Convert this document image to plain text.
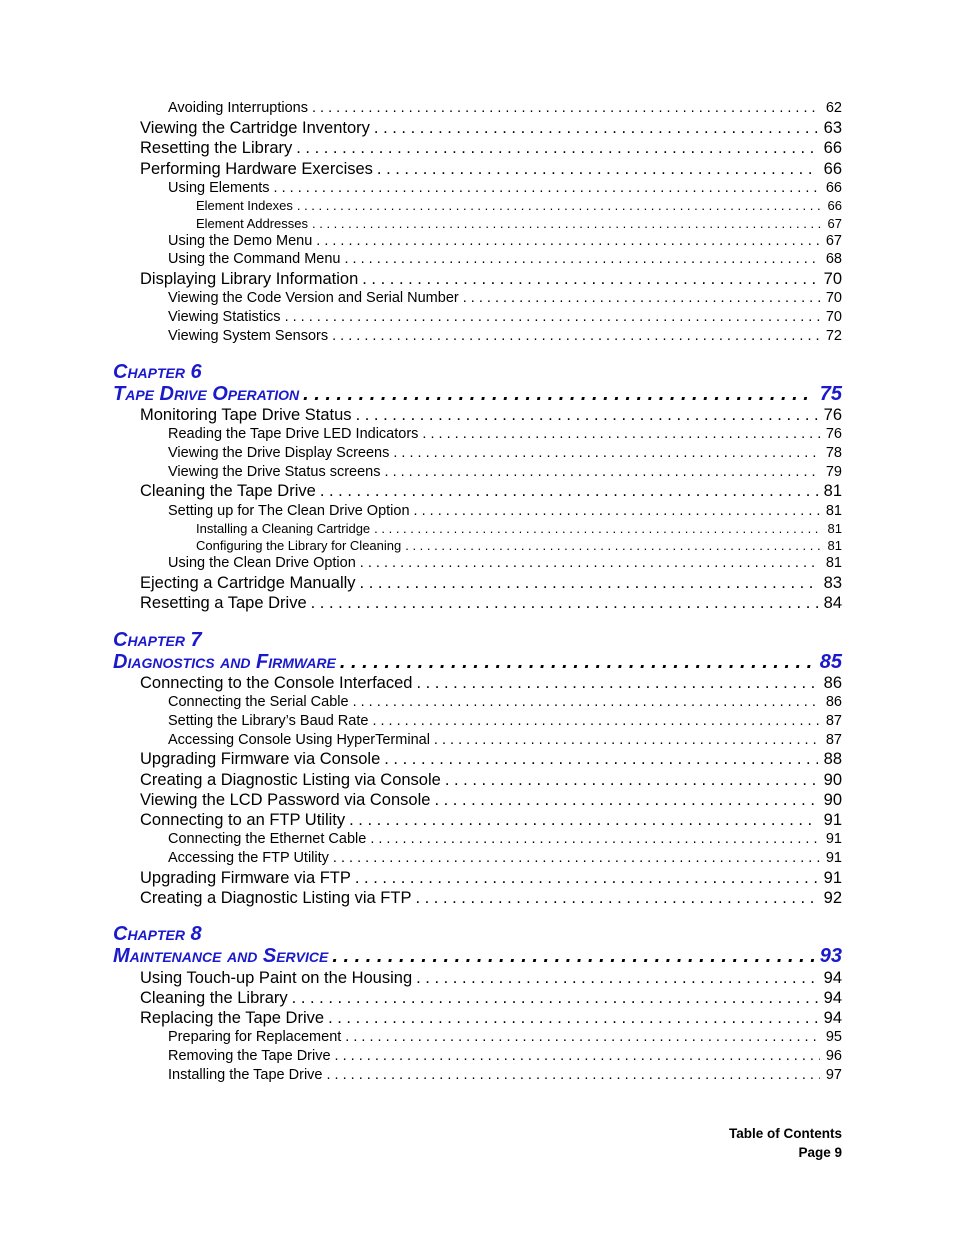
Avoiding Interruptions . . .	62
Viewing the Cartridge Inventory . . .	63
Resetting the Library . . .	66
Performing Hardware Exercises . . .	66
Using Elements . . .	66
Element Indexes . . .	66
Element Addresses . . .	67
Using the Demo Menu . . .	67
Using the Command Menu . . .	68
Displaying Library Information . . .	70
Viewing the Code Version and Serial Number . . .	70
Viewing Statistics . . .	70
Viewing System Sensors . . .	72
Chapter 6
Tape Drive Operation . . .	75
Monitoring Tape Drive Status . . .	76
Reading the Tape Drive LED Indicators . . .	76
Viewing the Drive Display Screens . . .	78
Viewing the Drive Status screens . . .	79
Cleaning the Tape Drive . . .	81
Setting up for The Clean Drive Option . . .	81
Installing a Cleaning Cartridge . . .	81
Configuring the Library for Cleaning . . .	81
Using the Clean Drive Option . . .	81
Ejecting a Cartridge Manually . . .	83
Resetting a Tape Drive . . .	84
Chapter 7
Diagnostics and Firmware . . .	85
Connecting to the Console Interfaced . . .	86
Connecting the Serial Cable . . .	86
Setting the Library’s Baud Rate . . .	87
Accessing Console Using HyperTerminal . . .	87
Upgrading Firmware via Console . . .	88
Creating a Diagnostic Listing via Console . . .	90
Viewing the LCD Password via Console . . .	90
Connecting to an FTP Utility . . .	91
Connecting the Ethernet Cable . . .	91
Accessing the FTP Utility . . .	91
Upgrading Firmware via FTP . . .	91
Creating a Diagnostic Listing via FTP . . .	92
Chapter 8
Maintenance and Service . . .	93
Using Touch-up Paint on the Housing . . .	94
Cleaning the Library . . .	94
Replacing the Tape Drive . . .	94
Preparing for Replacement . . .	95
Removing the Tape Drive . . .	96
Installing the Tape Drive . . .	97
Table of Contents
Page 9
